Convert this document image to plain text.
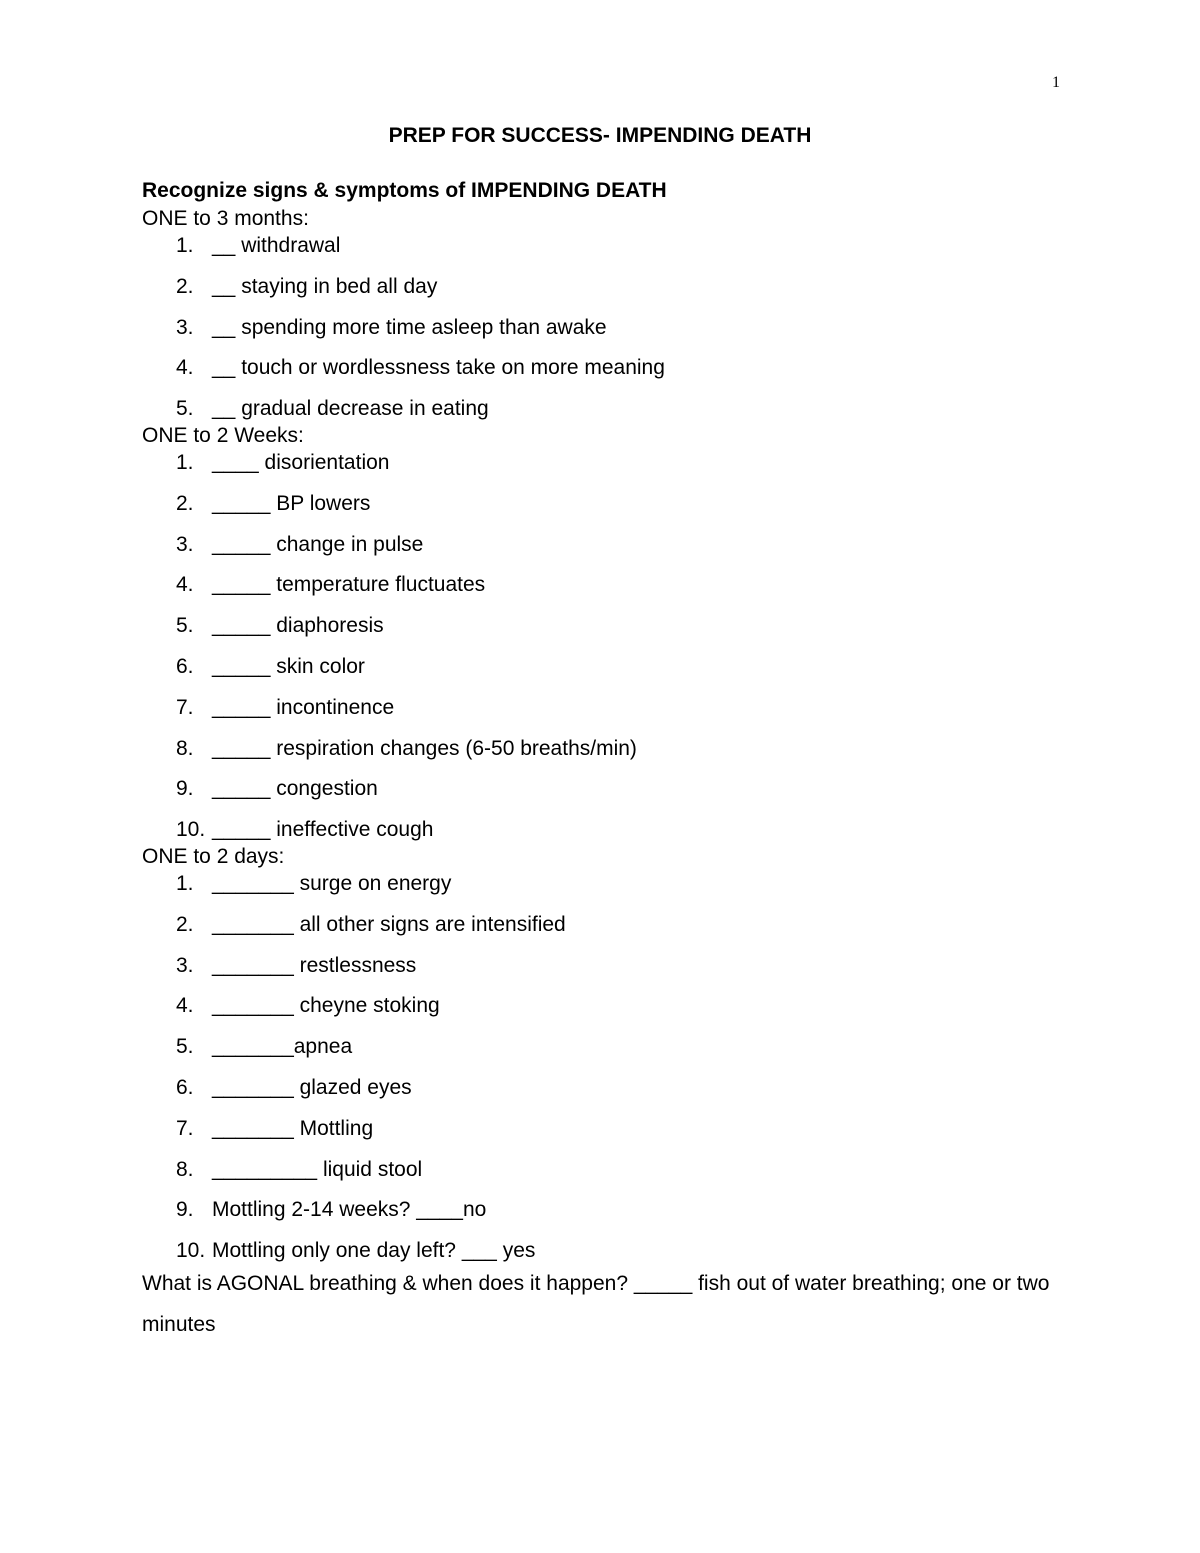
1
PREP FOR SUCCESS- IMPENDING DEATH

Recognize signs & symptoms of IMPENDING DEATH

ONE to 3 months:

1. __ withdrawal
2. __ staying in bed all day
3. __ spending more time asleep than awake
4. __ touch or wordlessness take on more meaning
5. __ gradual decrease in eating

ONE to 2 Weeks:

1. ____ disorientation
2. _____ BP lowers
3. _____ change in pulse
4. _____ temperature fluctuates
5. _____ diaphoresis
6. _____ skin color
7. _____ incontinence
8. _____ respiration changes (6-50 breaths/min)
9. _____ congestion
10. _____ ineffective cough

ONE to 2 days:

1. _______ surge on energy
2. _______ all other signs are intensified
3. _______ restlessness
4. _______ cheyne stoking
5. _______apnea
6. _______ glazed eyes
7. _______ Mottling
8. _________ liquid stool
9. Mottling 2-14 weeks? ____no
10. Mottling only one day left? ___ yes

What is AGONAL breathing & when does it happen? _____ fish out of water breathing; one or two minutes
